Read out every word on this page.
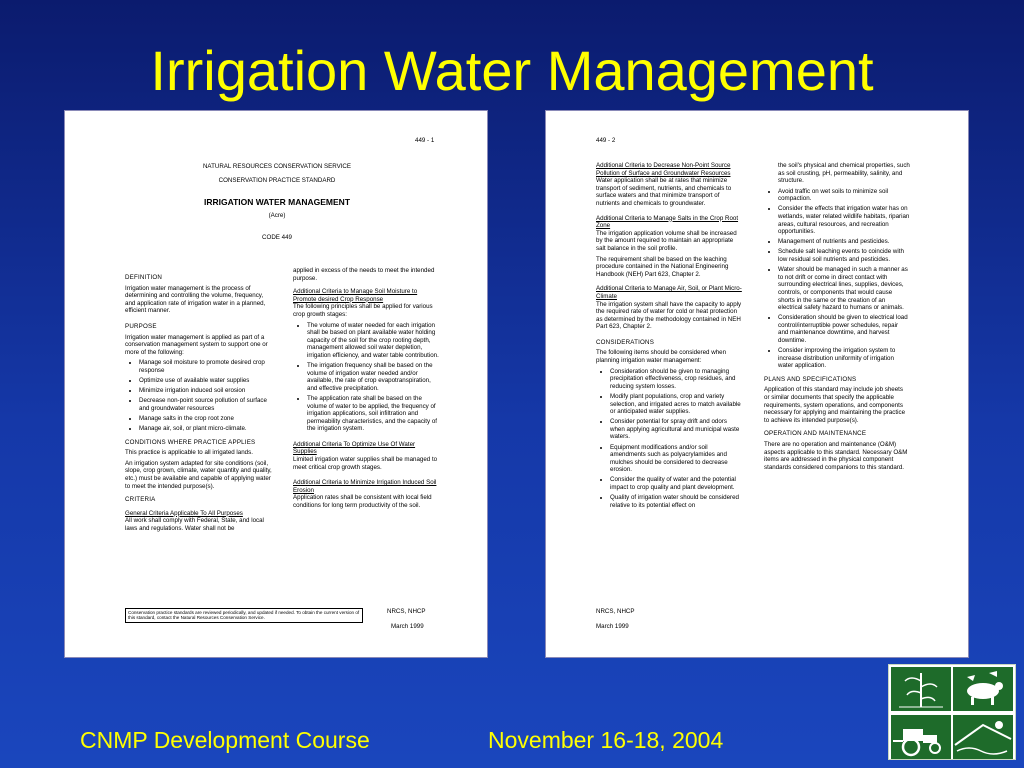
Irrigation Water Management
449 - 1
NATURAL RESOURCES CONSERVATION SERVICE
CONSERVATION PRACTICE STANDARD
IRRIGATION WATER MANAGEMENT
(Acre)
CODE 449
DEFINITION

Irrigation water management is the process of determining and controlling the volume, frequency, and application rate of irrigation water in a planned, efficient manner.

PURPOSE

Irrigation water management is applied as part of a conservation management system to support one or more of the following:

• Manage soil moisture to promote desired crop response
• Optimize use of available water supplies
• Minimize irrigation induced soil erosion
• Decrease non-point source pollution of surface and groundwater resources
• Manage salts in the crop root zone
• Manage air, soil, or plant micro-climate.
CONDITIONS WHERE PRACTICE APPLIES

This practice is applicable to all irrigated lands.

An irrigation system adapted for site conditions (soil, slope, crop grown, climate, water quantity and quality, etc.) must be available and capable of applying water to meet the intended purpose(s).

CRITERIA
General Criteria Applicable To All Purposes

All work shall comply with Federal, State, and local laws and regulations. Water shall not be

applied in excess of the needs to meet the intended purpose.

Additional Criteria to Manage Soil Moisture to Promote desired Crop Response

The following principles shall be applied for various crop growth stages:

• The volume of water needed for each irrigation shall be based on plant available water holding capacity of the soil for the crop rooting depth, management allowed soil water depletion, irrigation efficiency, and water table contribution.
• The irrigation frequency shall be based on the volume of irrigation water needed and/or available, the rate of crop evapotranspiration, and effective precipitation.
• The application rate shall be based on the volume of water to be applied, the frequency of irrigation applications, soil infiltration and permeability characteristics, and the capacity of the irrigation system.
Additional Criteria To Optimize Use Of Water Supplies

Limited irrigation water supplies shall be managed to meet critical crop growth stages.

Additional Criteria to Minimize Irrigation Induced Soil Erosion

Application rates shall be consistent with local field conditions for long term productivity of the soil.

Conservation practice standards are reviewed periodically, and updated if needed. To obtain the current version of this standard, contact the Natural Resources Conservation Service.
NRCS, NHCP
March 1999
449 - 2
Additional Criteria to Decrease Non-Point Source Pollution of Surface and Groundwater Resources

Water application shall be at rates that minimize transport of sediment, nutrients, and chemicals to surface waters and that minimize transport of nutrients and chemicals to groundwater.

Additional Criteria to Manage Salts in the Crop Root Zone

The irrigation application volume shall be increased by the amount required to maintain an appropriate salt balance in the soil profile.

The requirement shall be based on the leaching procedure contained in the National Engineering Handbook (NEH) Part 623, Chapter 2.

Additional Criteria to Manage Air, Soil, or Plant Micro-Climate

The irrigation system shall have the capacity to apply the required rate of water for cold or heat protection as determined by the methodology contained in NEH Part 623, Chapter 2.

CONSIDERATIONS

The following items should be considered when planning irrigation water management:

• Consideration should be given to managing precipitation effectiveness, crop residues, and reducing system losses.
• Modify plant populations, crop and variety selection, and irrigated acres to match available or anticipated water supplies.
• Consider potential for spray drift and odors when applying agricultural and municipal waste waters.
• Equipment modifications and/or soil amendments such as polyacrylamides and mulches should be considered to decrease erosion.
• Consider the quality of water and the potential impact to crop quality and plant development.
• Quality of irrigation water should be considered relative to its potential effect on

the soil's physical and chemical properties, such as soil crusting, pH, permeability, salinity, and structure.

• Avoid traffic on wet soils to minimize soil compaction.
• Consider the effects that irrigation water has on wetlands, water related wildlife habitats, riparian areas, cultural resources, and recreation opportunities.
• Management of nutrients and pesticides.
• Schedule salt leaching events to coincide with low residual soil nutrients and pesticides.
• Water should be managed in such a manner as to not drift or come in direct contact with surrounding electrical lines, supplies, devices, controls, or components that would cause shorts in the same or the creation of an electrical safety hazard to humans or animals.
• Consideration should be given to electrical load control/interruptible power schedules, repair and maintenance downtime, and harvest downtime.
• Consider improving the irrigation system to increase distribution uniformity of irrigation water application.
PLANS AND SPECIFICATIONS

Application of this standard may include job sheets or similar documents that specify the applicable requirements, system operations, and components necessary for applying and maintaining the practice to achieve its intended purpose(s).

OPERATION AND MAINTENANCE

There are no operation and maintenance (O&M) aspects applicable to this standard. Necessary O&M items are addressed in the physical component standards considered companions to this standard.

NRCS, NHCP
March 1999
CNMP Development Course	November 16-18, 2004
